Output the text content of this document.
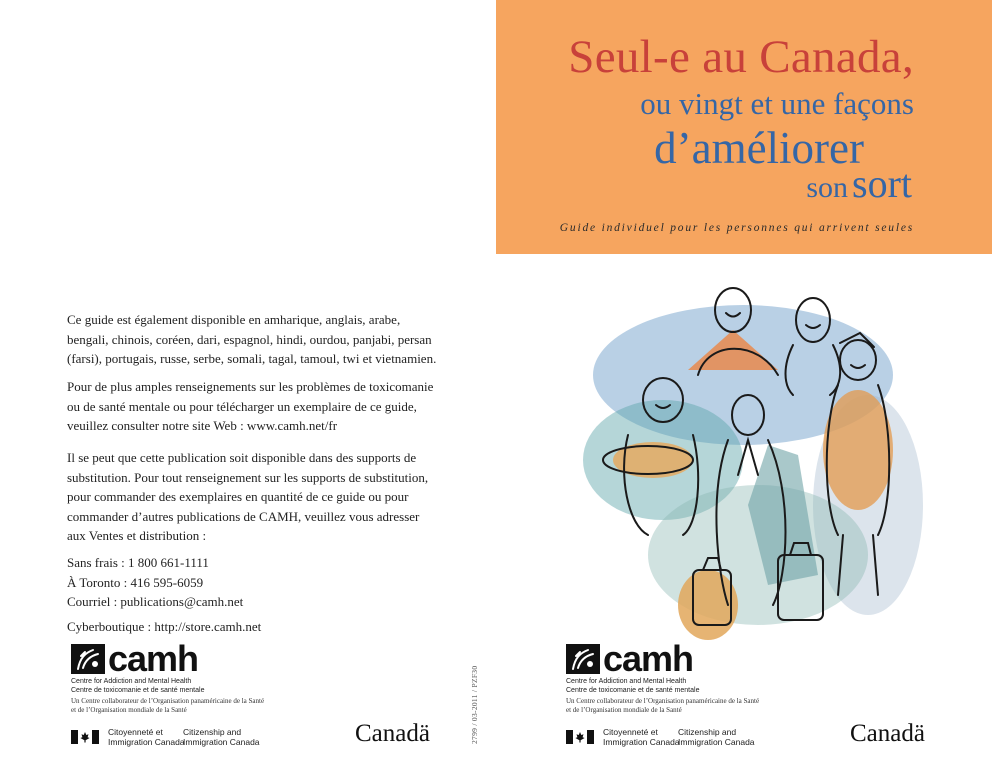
Ce guide est également disponible en amharique, anglais, arabe, bengali, chinois, coréen, dari, espagnol, hindi, ourdou, panjabi, persan (farsi), portugais, russe, serbe, somali, tagal, tamoul, twi et vietnamien.

Pour de plus amples renseignements sur les problèmes de toxicomanie ou de santé mentale ou pour télécharger un exemplaire de ce guide, veuillez consulter notre site Web : www.camh.net/fr

Il se peut que cette publication soit disponible dans des supports de substitution. Pour tout renseignement sur les supports de substitution, pour commander des exemplaires en quantité de ce guide ou pour commander d’autres publications de CAMH, veuillez vous adresser aux Ventes et distribution :

Sans frais : 1 800 661-1111
À Toronto : 416 595-6059
Courriel : publications@camh.net
Cyberboutique : http://store.camh.net
camh
Centre for Addiction and Mental Health
Centre de toxicomanie et de santé mentale
Un Centre collaborateur de l’Organisation panaméricaine de la Santé
et de l’Organisation mondiale de la Santé
Citoyenneté et
Immigration Canada
Citizenship and
Immigration Canada	Canadä	2799 / 03-2011 / PZF30
Seul-e au Canada,
ou vingt et une façons
d’améliorer
son sort
Guide individuel pour les personnes qui arrivent seules
camh
Centre for Addiction and Mental Health
Centre de toxicomanie et de santé mentale
Un Centre collaborateur de l’Organisation panaméricaine de la Santé
et de l’Organisation mondiale de la Santé
Citoyenneté et
Immigration Canada
Citizenship and
Immigration Canada	Canadä
